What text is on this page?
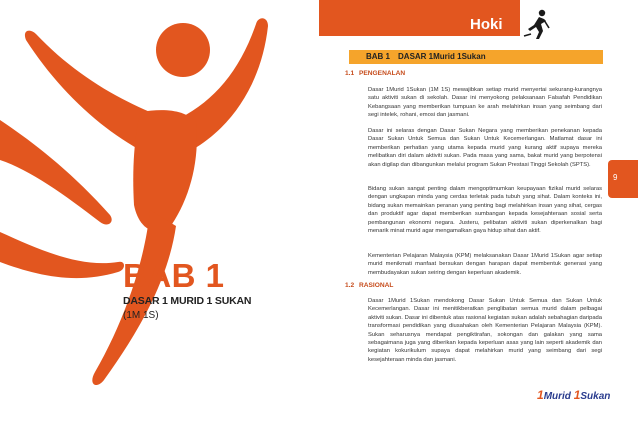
BAB 1

DASAR 1 MURID 1 SUKAN

(1M 1S)

Hoki

BAB 1 DASAR 1Murid 1Sukan

9

1.1 PENGENALAN

Dasar 1Murid 1Sukan (1M 1S) mewajibkan setiap murid menyertai sekurang-kurangnya satu aktiviti sukan di sekolah. Dasar ini menyokong pelaksanaan Falsafah Pendidikan Kebangsaan yang memberikan tumpuan ke arah melahirkan insan yang seimbang dari segi intelek, rohani, emosi dan jasmani.

Dasar ini selaras dengan Dasar Sukan Negara yang memberikan penekanan kepada Dasar Sukan Untuk Semua dan Sukan Untuk Kecemerlangan. Matlamat dasar ini memberikan perhatian yang utama kepada murid yang kurang aktif supaya mereka melibatkan diri dalam aktiviti sukan. Pada masa yang sama, bakat murid yang berpotensi akan digilap dan dibangunkan melalui program Sukan Prestasi Tinggi Sekolah (SPTS).

Bidang sukan sangat penting dalam mengoptimumkan keupayaan fizikal murid selaras dengan ungkapan minda yang cerdas terletak pada tubuh yang sihat. Dalam konteks ini, bidang sukan memainkan peranan yang penting bagi melahirkan insan yang sihat, cergas dan produktif agar dapat memberikan sumbangan kepada kesejahteraan sosial serta pembangunan ekonomi negara. Justeru, pelibatan aktiviti sukan diperkenalkan bagi menarik minat murid agar mengamalkan gaya hidup sihat dan aktif.

Kementerian Pelajaran Malaysia (KPM) melaksanakan Dasar 1Murid 1Sukan agar setiap murid menikmati manfaat bersukan dengan harapan dapat membentuk generasi yang membudayakan sukan seiring dengan keperluan akademik.

1.2 RASIONAL

Dasar 1Murid 1Sukan mendokong Dasar Sukan Untuk Semua dan Sukan Untuk Kecemerlangan. Dasar ini menitikberatkan penglibatan semua murid dalam pelbagai aktiviti sukan. Dasar ini dibentuk atas rasional kegiatan sukan adalah sebahagian daripada transformasi pendidikan yang diusahakan oleh Kementerian Pelajaran Malaysia (KPM). Sukan seharusnya mendapat pengiktirafan, sokongan dan galakan yang sama sebagaimana juga yang diberikan kepada keperluan asas yang lain seperti akademik dan kegiatan kokurikulum supaya dapat melahirkan murid yang seimbang dari segi kesejahteraan minda dan jasmani.

1Murid 1Sukan
